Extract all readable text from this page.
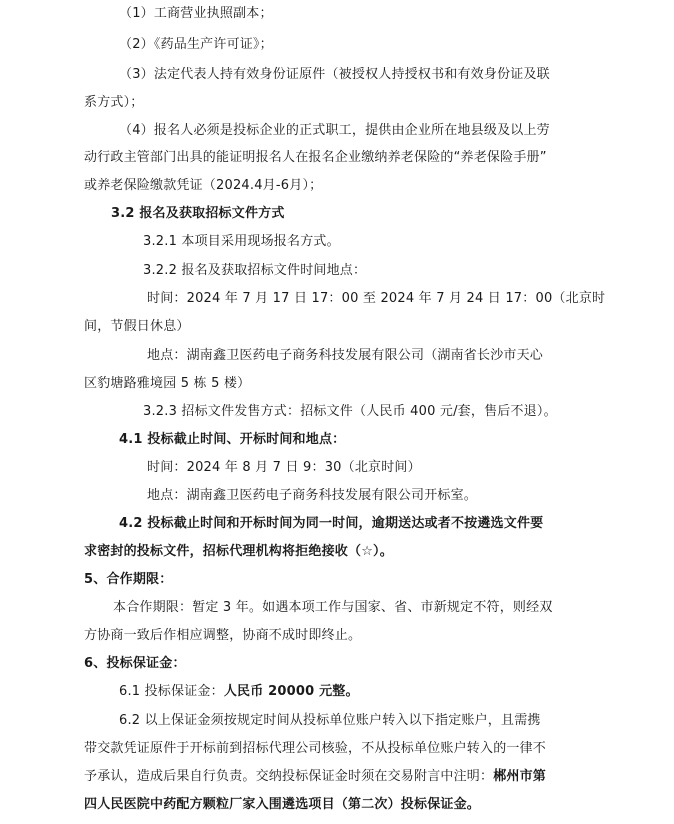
（1）工商营业执照副本；
（2）《药品生产许可证》；
（3）法定代表人持有效身份证原件（被授权人持授权书和有效身份证及联
系方式）；
（4）报名人必须是投标企业的正式职工，提供由企业所在地县级及以上劳
动行政主管部门出具的能证明报名人在报名企业缴纳养老保险的“养老保险手册”
或养老保险缴款凭证（2024.4月-6月）；
3.2 报名及获取招标文件方式
3.2.1 本项目采用现场报名方式。
3.2.2 报名及获取招标文件时间地点：
时间：2024 年 7 月 17 日 17：00 至 2024 年 7 月 24 日 17：00（北京时
间，节假日休息）
地点：湖南鑫卫医药电子商务科技发展有限公司（湖南省长沙市天心
区豹塘路雅境园 5 栋 5 楼）
3.2.3 招标文件发售方式：招标文件（人民币 400 元/套，售后不退）。
4.1 投标截止时间、开标时间和地点：
时间：2024 年 8 月 7 日 9：30（北京时间）
地点：湖南鑫卫医药电子商务科技发展有限公司开标室。
4.2 投标截止时间和开标时间为同一时间，逾期送达或者不按遴选文件要
求密封的投标文件，招标代理机构将拒绝接收（☆）。
5、合作期限：
本合作期限：暂定 3 年。如遇本项工作与国家、省、市新规定不符，则经双
方协商一致后作相应调整，协商不成时即终止。
6、投标保证金：
6.1 投标保证金：人民币 20000 元整。
6.2 以上保证金须按规定时间从投标单位账户转入以下指定账户，且需携
带交款凭证原件于开标前到招标代理公司核验，不从投标单位账户转入的一律不
予承认，造成后果自行负责。交纳投标保证金时须在交易附言中注明：郴州市第
四人民医院中药配方颗粒厂家入围遴选项目（第二次）投标保证金。
